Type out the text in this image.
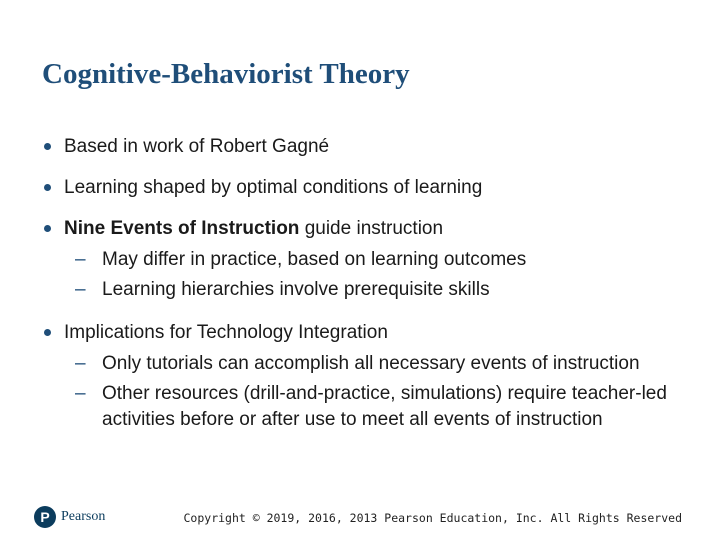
Cognitive-Behaviorist Theory
Based in work of Robert Gagné
Learning shaped by optimal conditions of learning
Nine Events of Instruction guide instruction
– May differ in practice, based on learning outcomes
– Learning hierarchies involve prerequisite skills
Implications for Technology Integration
– Only tutorials can accomplish all necessary events of instruction
– Other resources (drill-and-practice, simulations) require teacher-led activities before or after use to meet all events of instruction
P Pearson	Copyright © 2019, 2016, 2013 Pearson Education, Inc. All Rights Reserved
